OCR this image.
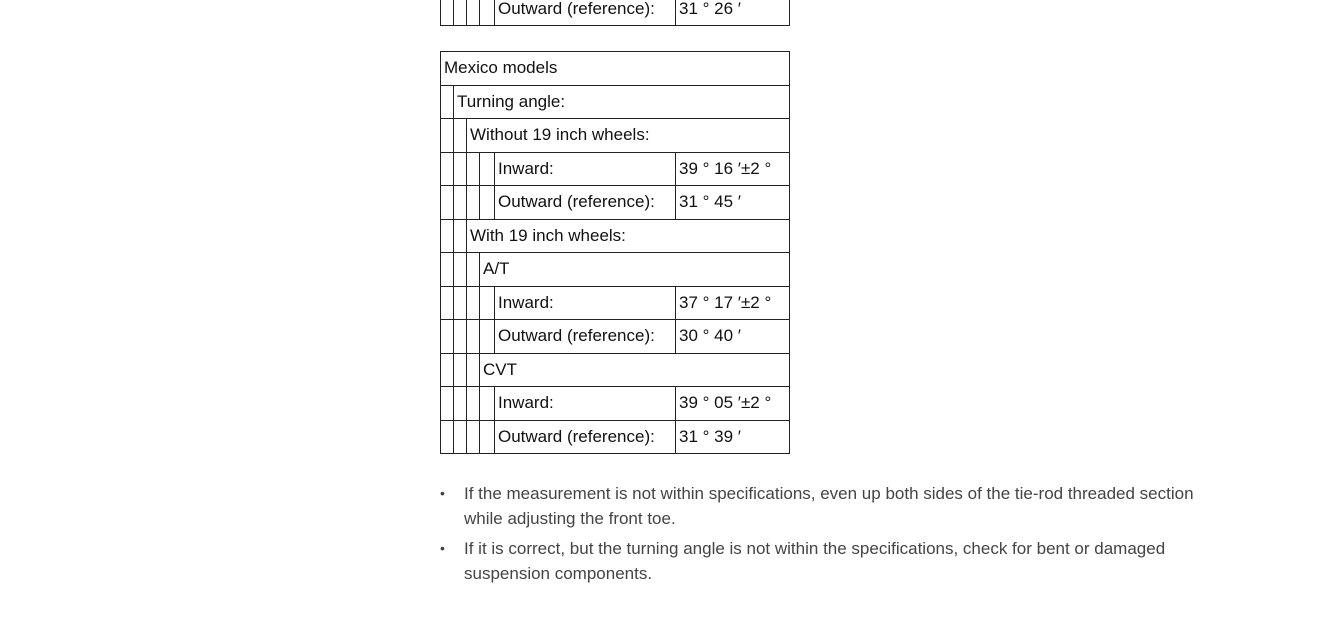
				Outward (reference):	31 ° 26 ′
Mexico models					
	Turning angle:				
		Without 19 inch wheels:			
				Inward:	39 ° 16 ′±2 °
				Outward (reference):	31 ° 45 ′
		With 19 inch wheels:			
			A/T		
				Inward:	37 ° 17 ′±2 °
				Outward (reference):	30 ° 40 ′
			CVT		
				Inward:	39 ° 05 ′±2 °
				Outward (reference):	31 ° 39 ′
• If the measurement is not within specifications, even up both sides of the tie-rod threaded section while adjusting the front toe.
• If it is correct, but the turning angle is not within the specifications, check for bent or damaged suspension components.
